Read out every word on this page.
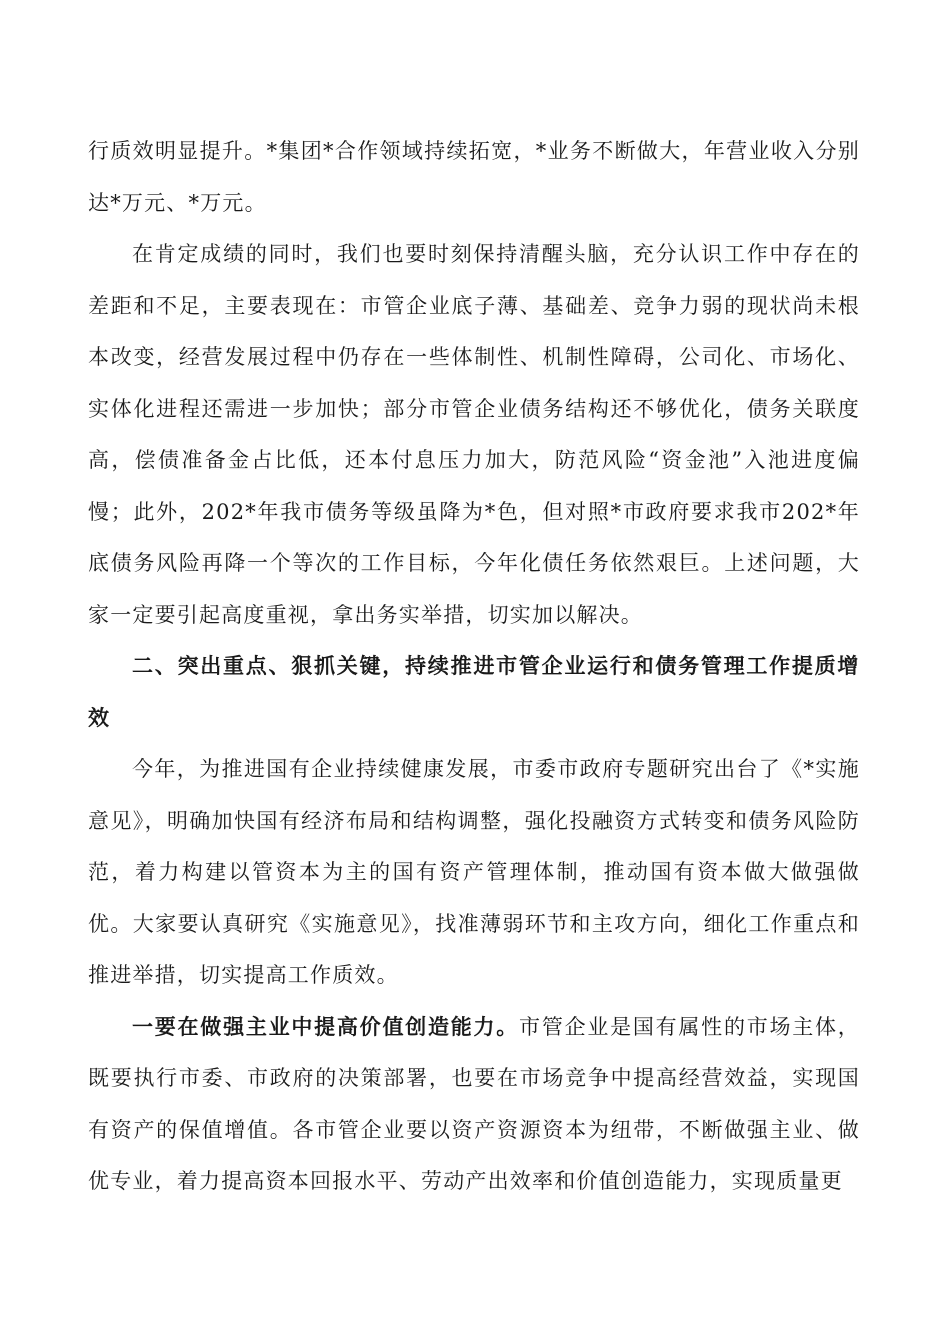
行质效明显提升。*集团*合作领域持续拓宽，*业务不断做大，年营业收入分别达*万元、*万元。

在肯定成绩的同时，我们也要时刻保持清醒头脑，充分认识工作中存在的差距和不足，主要表现在：市管企业底子薄、基础差、竞争力弱的现状尚未根本改变，经营发展过程中仍存在一些体制性、机制性障碍，公司化、市场化、实体化进程还需进一步加快；部分市管企业债务结构还不够优化，债务关联度高，偿债准备金占比低，还本付息压力加大，防范风险“资金池”入池进度偏慢；此外，202*年我市债务等级虽降为*色，但对照*市政府要求我市202*年底债务风险再降一个等次的工作目标，今年化债任务依然艰巨。上述问题，大家一定要引起高度重视，拿出务实举措，切实加以解决。

二、突出重点、狠抓关键，持续推进市管企业运行和债务管理工作提质增效

今年，为推进国有企业持续健康发展，市委市政府专题研究出台了《*实施意见》，明确加快国有经济布局和结构调整，强化投融资方式转变和债务风险防范，着力构建以管资本为主的国有资产管理体制，推动国有资本做大做强做优。大家要认真研究《实施意见》，找准薄弱环节和主攻方向，细化工作重点和推进举措，切实提高工作质效。

一要在做强主业中提高价值创造能力。市管企业是国有属性的市场主体，既要执行市委、市政府的决策部署，也要在市场竞争中提高经营效益，实现国有资产的保值增值。各市管企业要以资产资源资本为纽带，不断做强主业、做优专业，着力提高资本回报水平、劳动产出效率和价值创造能力，实现质量更
